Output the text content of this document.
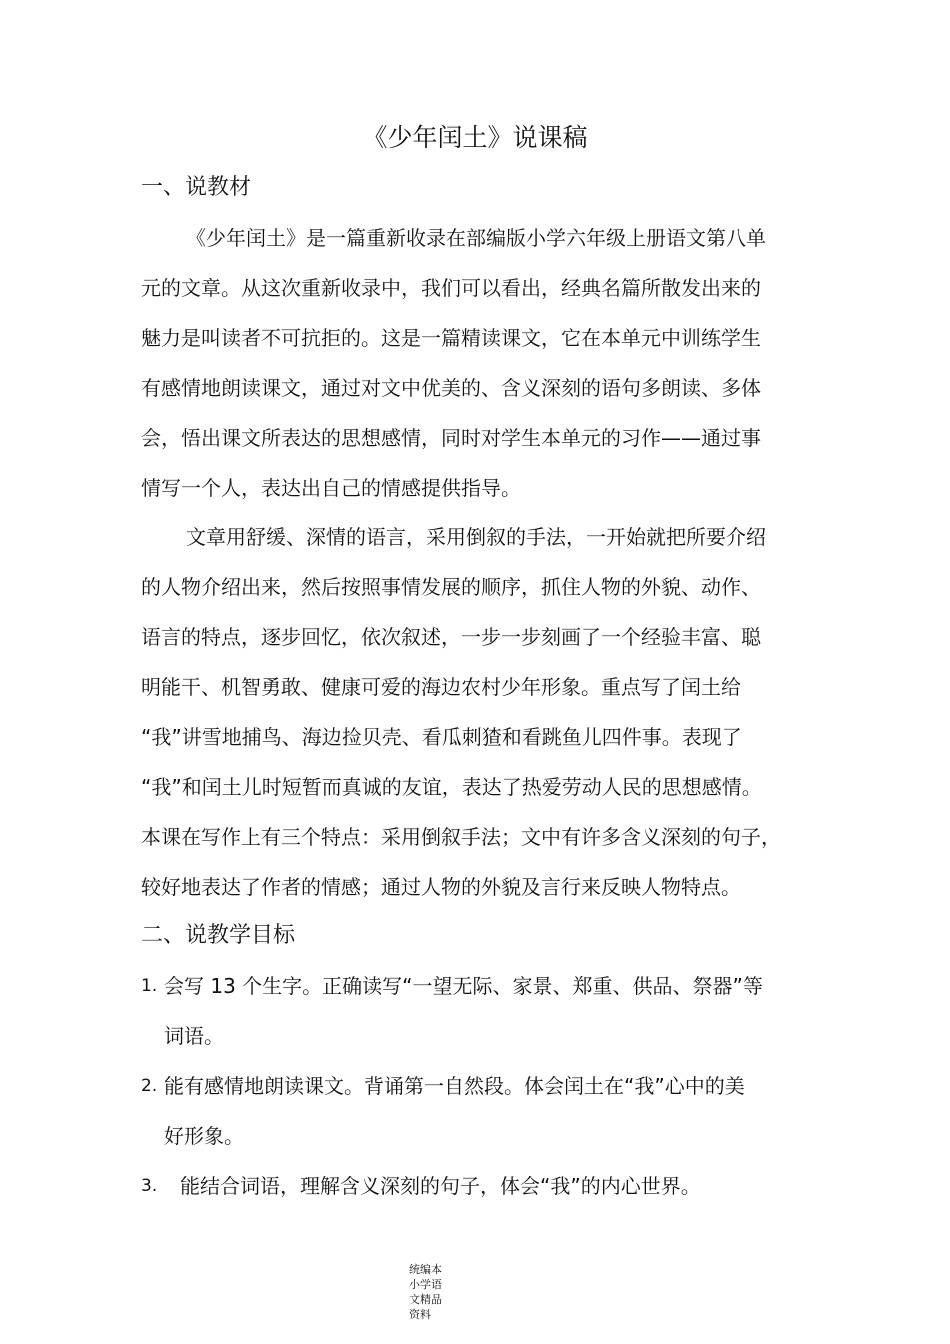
《少年闰土》说课稿
一、说教材
《少年闰土》是一篇重新收录在部编版小学六年级上册语文第八单
元的文章。从这次重新收录中，我们可以看出，经典名篇所散发出来的
魅力是叫读者不可抗拒的。这是一篇精读课文，它在本单元中训练学生
有感情地朗读课文，通过对文中优美的、含义深刻的语句多朗读、多体
会，悟出课文所表达的思想感情，同时对学生本单元的习作——通过事
情写一个人，表达出自己的情感提供指导。
文章用舒缓、深情的语言，采用倒叙的手法，一开始就把所要介绍
的人物介绍出来，然后按照事情发展的顺序，抓住人物的外貌、动作、
语言的特点，逐步回忆，依次叙述，一步一步刻画了一个经验丰富、聪
明能干、机智勇敢、健康可爱的海边农村少年形象。重点写了闰土给
“我”讲雪地捕鸟、海边捡贝壳、看瓜刺猹和看跳鱼儿四件事。表现了
“我”和闰土儿时短暂而真诚的友谊，表达了热爱劳动人民的思想感情。
本课在写作上有三个特点：采用倒叙手法；文中有许多含义深刻的句子，
较好地表达了作者的情感；通过人物的外貌及言行来反映人物特点。
二、说教学目标
1. 会写 13 个生字。正确读写“一望无际、家景、郑重、供品、祭器”等
词语。
2. 能有感情地朗读课文。背诵第一自然段。体会闰土在“我”心中的美
好形象。
3. 能结合词语，理解含义深刻的句子，体会“我”的内心世界。
统编本
小学语
文精品
资料
